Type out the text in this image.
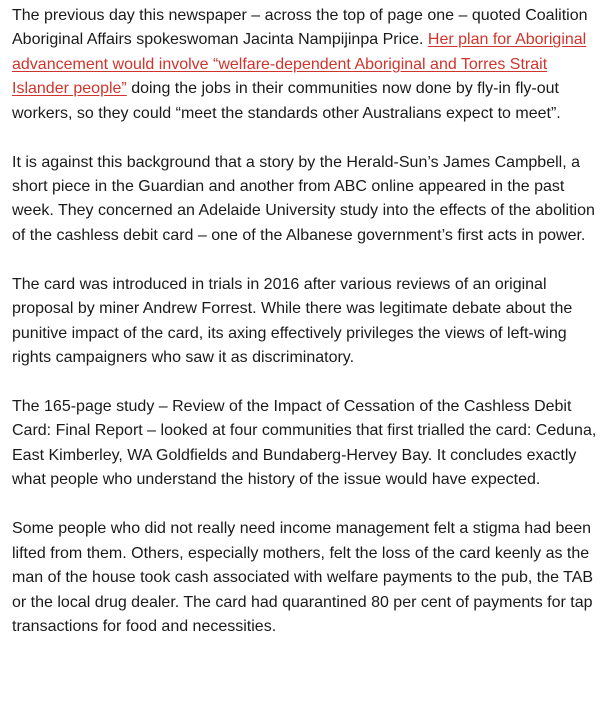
The previous day this newspaper – across the top of page one – quoted Coalition Aboriginal Affairs spokeswoman Jacinta Nampijinpa Price. Her plan for Aboriginal advancement would involve “welfare-dependent Aboriginal and Torres Strait Islander people” doing the jobs in their communities now done by fly-in fly-out workers, so they could “meet the standards other Australians expect to meet”.

It is against this background that a story by the Herald-Sun’s James Campbell, a short piece in the Guardian and another from ABC online appeared in the past week. They concerned an Adelaide University study into the effects of the abolition of the cashless debit card – one of the Albanese government’s first acts in power.

The card was introduced in trials in 2016 after various reviews of an original proposal by miner Andrew Forrest. While there was legitimate debate about the punitive impact of the card, its axing effectively privileges the views of left-wing rights campaigners who saw it as discriminatory.

The 165-page study – Review of the Impact of Cessation of the Cashless Debit Card: Final Report – looked at four communities that first trialled the card: Ceduna, East Kimberley, WA Goldfields and Bundaberg-Hervey Bay. It concludes exactly what people who understand the history of the issue would have expected.

Some people who did not really need income management felt a stigma had been lifted from them. Others, especially mothers, felt the loss of the card keenly as the man of the house took cash associated with welfare payments to the pub, the TAB or the local drug dealer. The card had quarantined 80 per cent of payments for tap transactions for food and necessities.
